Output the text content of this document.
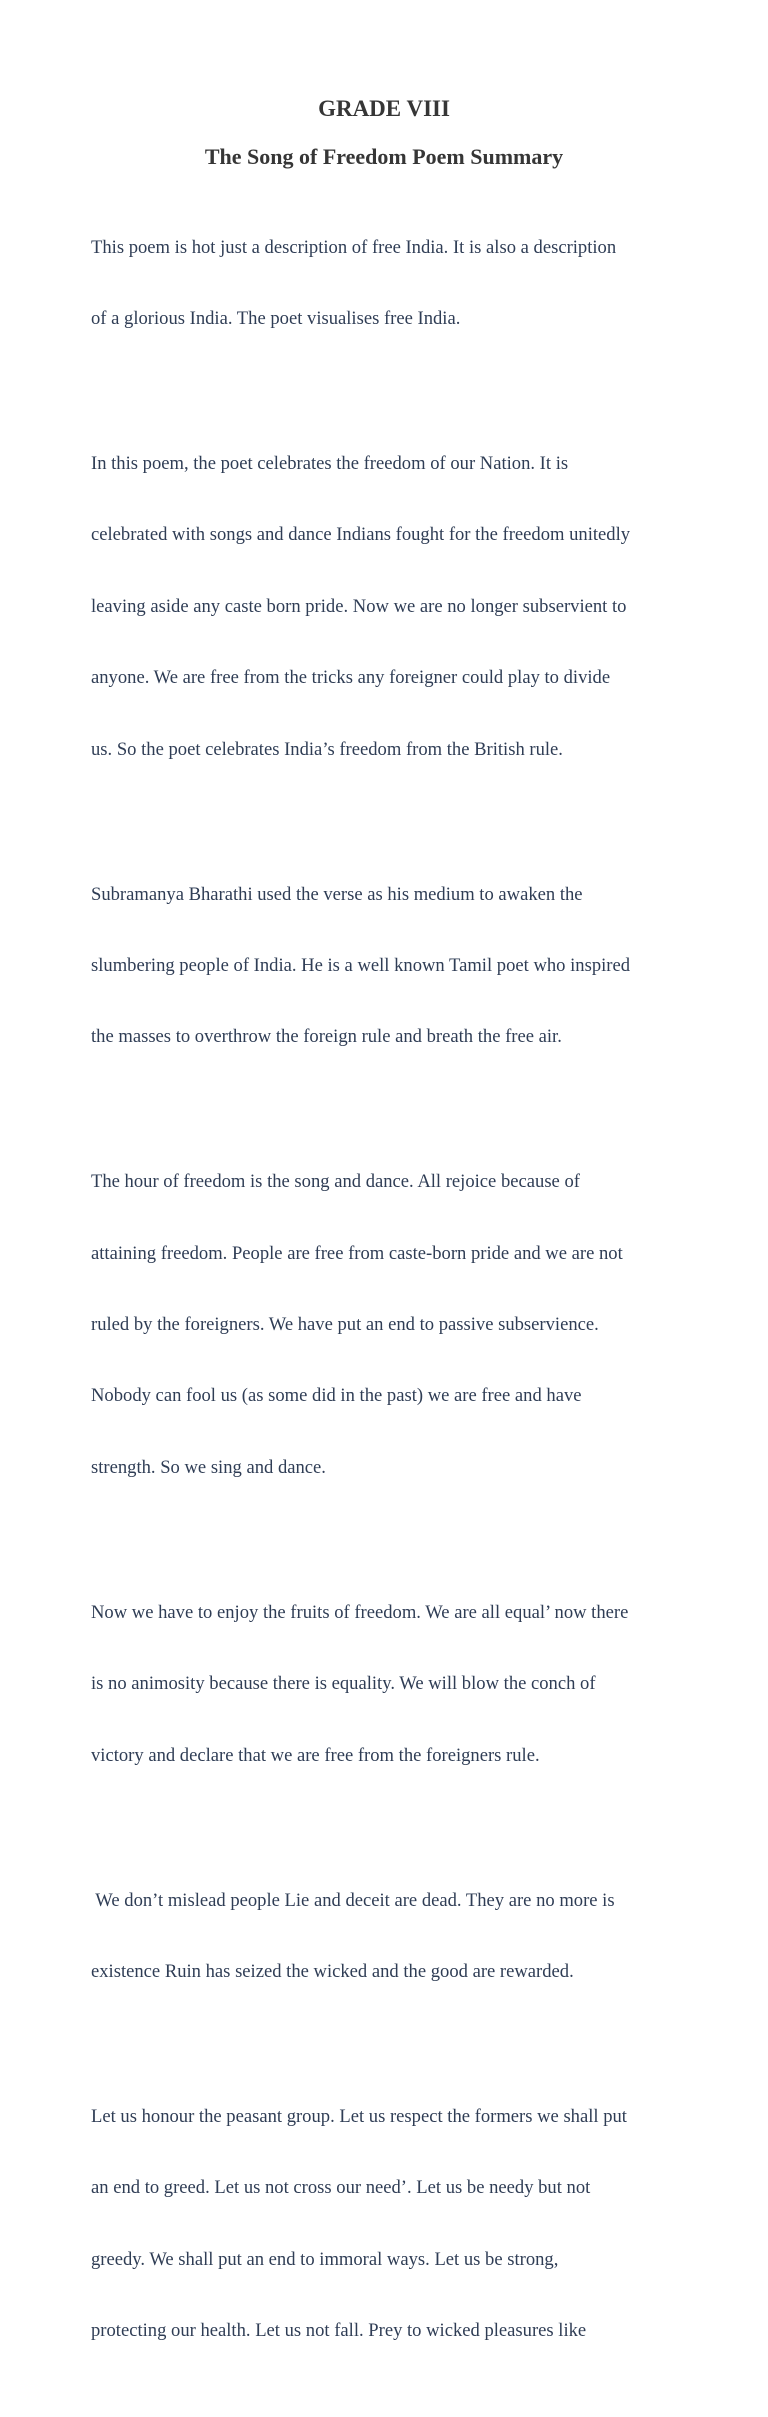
GRADE VIII
The Song of Freedom Poem Summary

This poem is hot just a description of free India. It is also a description

of a glorious India. The poet visualises free India.

In this poem, the poet celebrates the freedom of our Nation. It is

celebrated with songs and dance Indians fought for the freedom unitedly

leaving aside any caste born pride. Now we are no longer subservient to

anyone. We are free from the tricks any foreigner could play to divide

us. So the poet celebrates India’s freedom from the British rule.

Subramanya Bharathi used the verse as his medium to awaken the

slumbering people of India. He is a well known Tamil poet who inspired

the masses to overthrow the foreign rule and breath the free air.

The hour of freedom is the song and dance. All rejoice because of

attaining freedom. People are free from caste-born pride and we are not

ruled by the foreigners. We have put an end to passive subservience.

Nobody can fool us (as some did in the past) we are free and have

strength. So we sing and dance.

Now we have to enjoy the fruits of freedom. We are all equal’ now there

is no animosity because there is equality. We will blow the conch of

victory and declare that we are free from the foreigners rule.

We don’t mislead people Lie and deceit are dead. They are no more is

existence Ruin has seized the wicked and the good are rewarded.

Let us honour the peasant group. Let us respect the formers we shall put

an end to greed. Let us not cross our need’. Let us be needy but not

greedy. We shall put an end to immoral ways. Let us be strong,

protecting our health. Let us not fall. Prey to wicked pleasures like
